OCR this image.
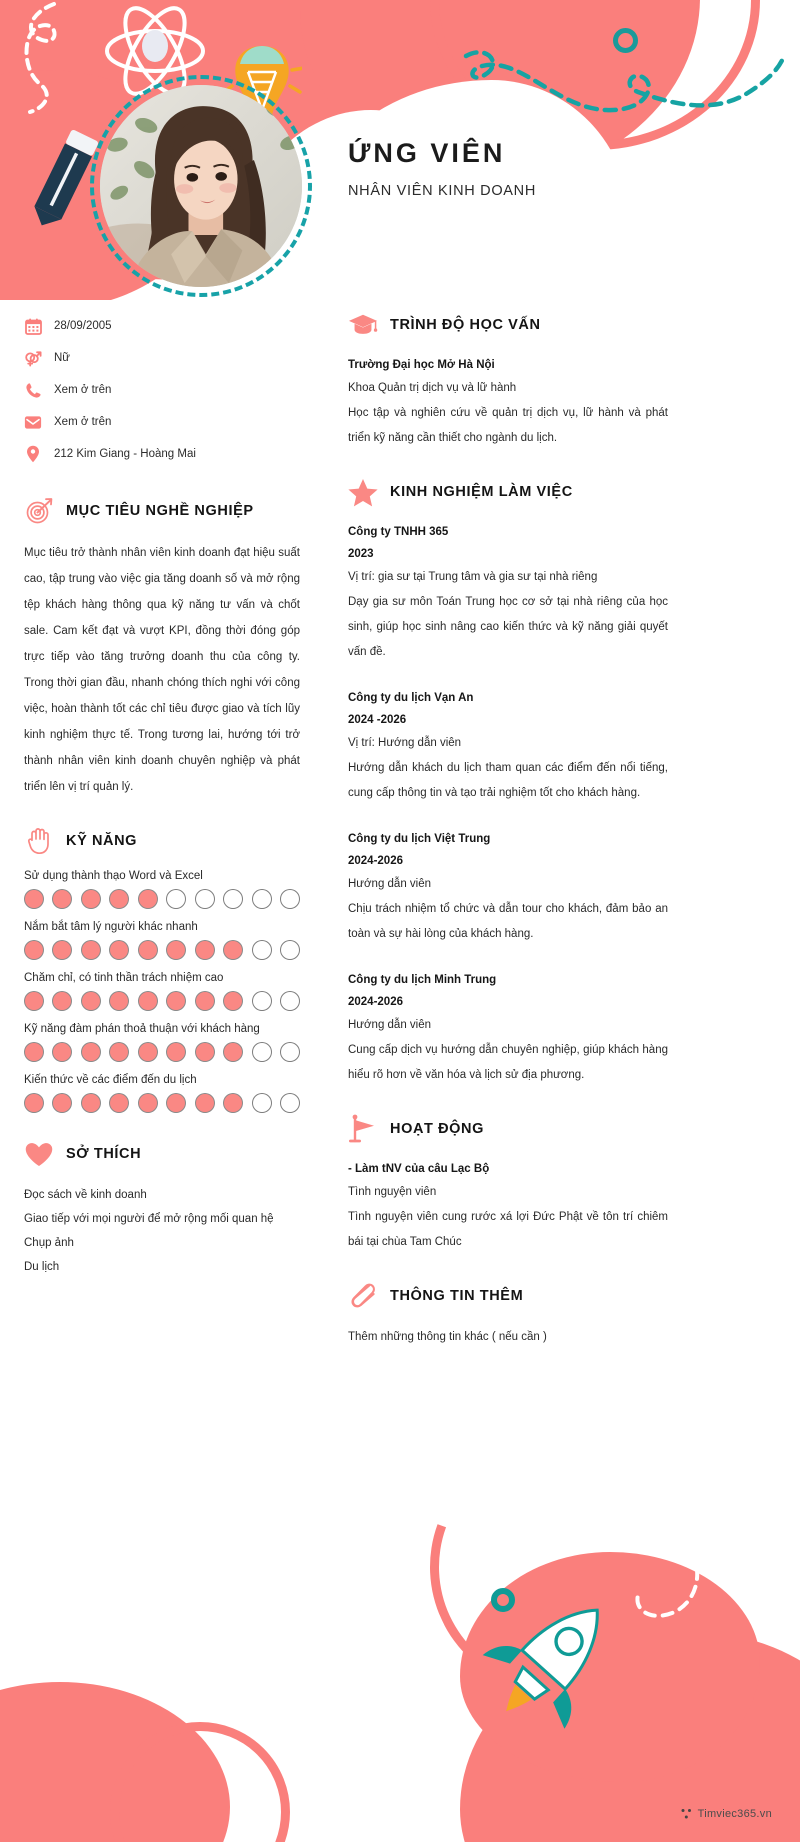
ỨNG VIÊN
NHÂN VIÊN KINH DOANH
28/09/2005
Nữ
Xem ở trên
Xem ở trên
212 Kim Giang - Hoàng Mai
MỤC TIÊU NGHỀ NGHIỆP
Mục tiêu trở thành nhân viên kinh doanh đạt hiệu suất cao, tập trung vào việc gia tăng doanh số và mở rộng tệp khách hàng thông qua kỹ năng tư vấn và chốt sale. Cam kết đạt và vượt KPI, đồng thời đóng góp trực tiếp vào tăng trưởng doanh thu của công ty. Trong thời gian đầu, nhanh chóng thích nghi với công việc, hoàn thành tốt các chỉ tiêu được giao và tích lũy kinh nghiệm thực tế. Trong tương lai, hướng tới trở thành nhân viên kinh doanh chuyên nghiệp và phát triển lên vị trí quản lý.
KỸ NĂNG
Sử dụng thành thạo Word và Excel
Nắm bắt tâm lý người khác nhanh
Chăm chỉ, có tinh thần trách nhiệm cao
Kỹ năng đàm phán thoả thuận với khách hàng
Kiến thức về các điểm đến du lịch
SỞ THÍCH
Đọc sách về kinh doanh
Giao tiếp với mọi người để mở rộng mối quan hệ
Chụp ảnh
Du lịch
TRÌNH ĐỘ HỌC VẤN
Trường Đại học Mở Hà Nội
Khoa Quản trị dịch vụ và lữ hành
Học tập và nghiên cứu về quản trị dịch vụ, lữ hành và phát triển kỹ năng cần thiết cho ngành du lịch.
KINH NGHIỆM LÀM VIỆC
Công ty TNHH 365
2023
Vị trí: gia sư tại Trung tâm và gia sư tại nhà riêng
Dạy gia sư môn Toán Trung học cơ sở tại nhà riêng của học sinh, giúp học sinh nâng cao kiến thức và kỹ năng giải quyết vấn đề.
Công ty du lịch Vạn An
2024 -2026
Vị trí: Hướng dẫn viên
Hướng dẫn khách du lịch tham quan các điểm đến nổi tiếng, cung cấp thông tin và tạo trải nghiệm tốt cho khách hàng.
Công ty du lịch Việt Trung
2024-2026
Hướng dẫn viên
Chịu trách nhiệm tổ chức và dẫn tour cho khách, đảm bảo an toàn và sự hài lòng của khách hàng.
Công ty du lịch Minh Trung
2024-2026
Hướng dẫn viên
Cung cấp dịch vụ hướng dẫn chuyên nghiệp, giúp khách hàng hiểu rõ hơn về văn hóa và lịch sử địa phương.
HOẠT ĐỘNG
- Làm tNV của câu Lạc Bộ
Tình nguyện viên
Tình nguyện viên cung rước xá lợi Đức Phật về tôn trí chiêm bái tại chùa Tam Chúc
THÔNG TIN THÊM
Thêm những thông tin khác ( nếu cần )
Timviec365.vn
